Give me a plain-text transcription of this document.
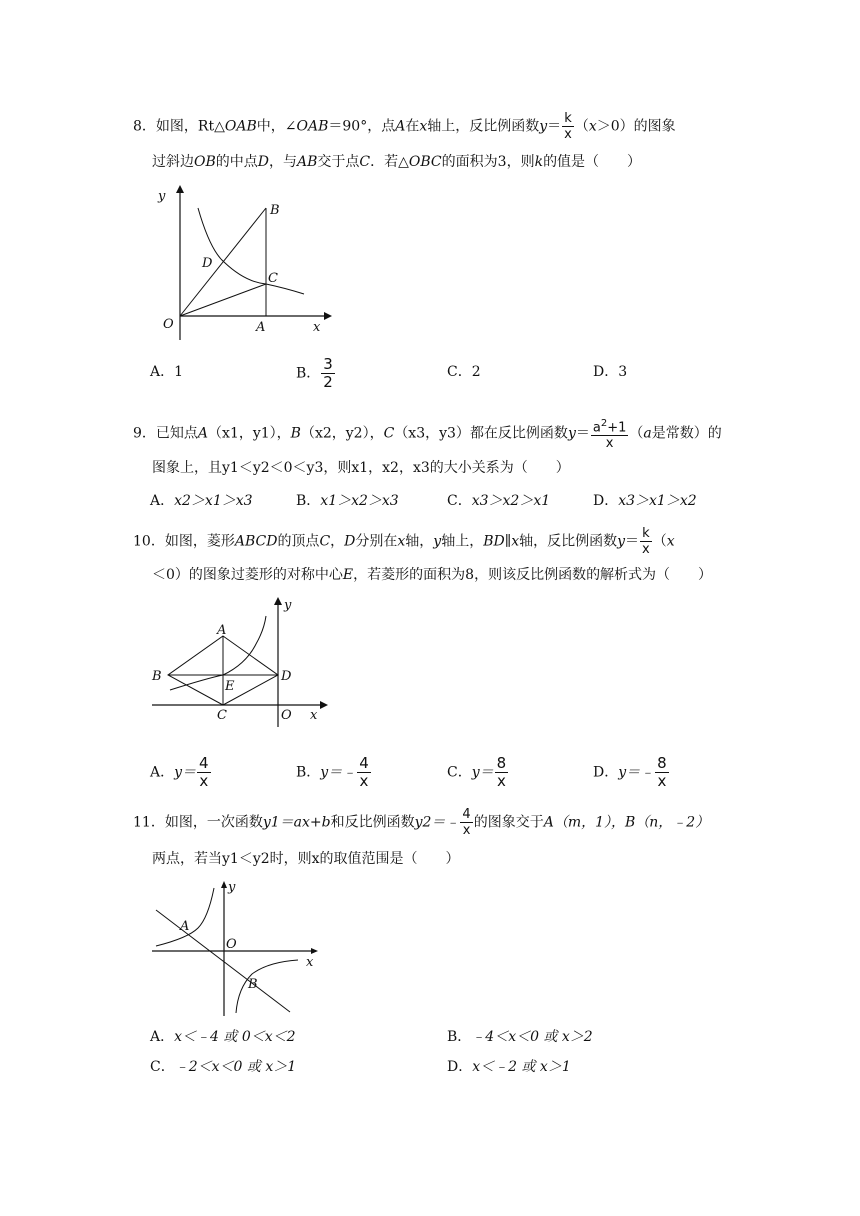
8．如图，Rt△OAB中，∠OAB＝90°，点A在x轴上，反比例函数$y= \frac{k}{x} (x>0)$的图象
过斜边OB的中点D，与AB交于点C．若△OBC的面积为3，则k的值是（　　）
y
B
D
C
O	A	x
A．1	B． $\frac{3}{2}$	C．2	D．3
9．已知点A（x1，y1），B（x2，y2），C（x3，y3）都在反比例函数$y= \frac{a^2+1}{x} (a$是常数）的
图象上，且y1＜y2＜0＜y3，则x1，x2，x3的大小关系为（　　）
A．x2＞x1＞x3	B．x1＞x2＞x3	C．x3＞x2＞x1	D．x3＞x1＞x2
10．如图，菱形ABCD的顶点C，D分别在x轴，y轴上，BD∥x轴，反比例函数$y= \frac{k}{x} (x$
＜0）的图象过菱形的对称中心E，若菱形的面积为8，则该反比例函数的解析式为（　　）
y
A
B
E
D
C	O x
A．$y= \frac{4}{x}$	B．y＝﹣ $\frac{4}{x}$	C．$y= \frac{8}{x}$	D．y＝﹣ $\frac{8}{x}$
11．如图，一次函数y1＝ax+b和反比例函数y2＝﹣ $\frac{4}{x}$ 的图象交于A（m，1），B（n，﹣2）
两点，若当y1＜y2时，则x的取值范围是（　　）
y
A
O
x
B
A．x＜﹣4 或 0＜x＜2	B．﹣4＜x＜0 或 x＞2
C．﹣2＜x＜0 或 x＞1	D．x＜﹣2 或 x＞1
